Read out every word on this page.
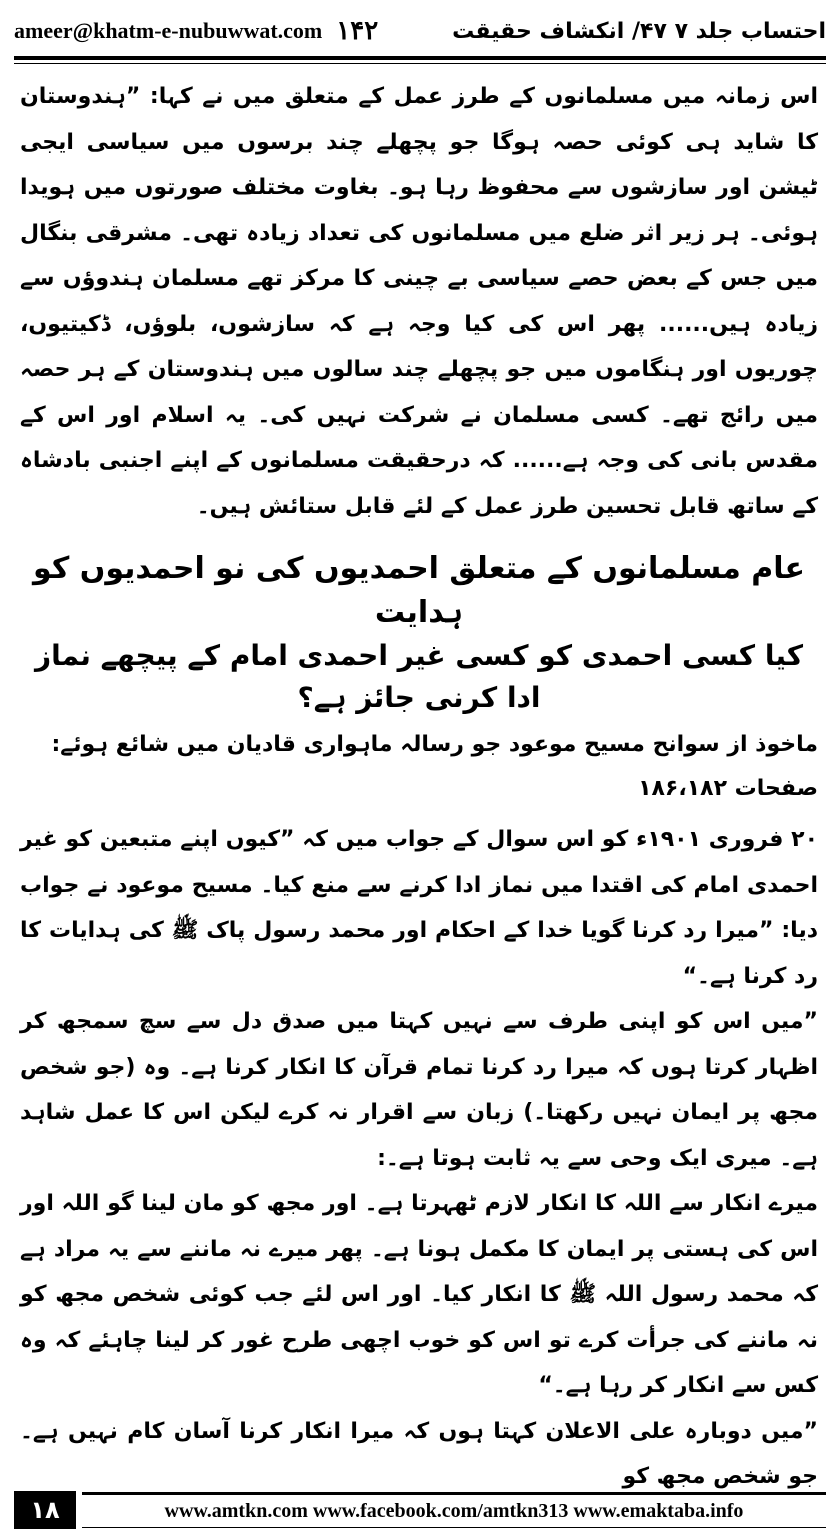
ameer@khatm-e-nubuwwat.com ۱۴۲	احتساب جلد ۷ ۴۷/ انکشاف حقیقت

اس زمانہ میں مسلمانوں کے طرز عمل کے متعلق میں نے کہا: ”ہندوستان کا شاید ہی کوئی حصہ ہوگا جو پچھلے چند برسوں میں سیاسی ایجی ٹیشن اور سازشوں سے محفوظ رہا ہو۔ بغاوت مختلف صورتوں میں ہویدا ہوئی۔ ہر زیر اثر ضلع میں مسلمانوں کی تعداد زیادہ تھی۔ مشرقی بنگال میں جس کے بعض حصے سیاسی بے چینی کا مرکز تھے مسلمان ہندوؤں سے زیادہ ہیں...... پھر اس کی کیا وجہ ہے کہ سازشوں، بلوؤں، ڈکیتیوں، چوریوں اور ہنگاموں میں جو پچھلے چند سالوں میں ہندوستان کے ہر حصہ میں رائج تھے۔ کسی مسلمان نے شرکت نہیں کی۔ یہ اسلام اور اس کے مقدس بانی کی وجہ ہے...... کہ درحقیقت مسلمانوں کے اپنے اجنبی بادشاہ کے ساتھ قابل تحسین طرز عمل کے لئے قابل ستائش ہیں۔

عام مسلمانوں کے متعلق احمدیوں کی نو احمدیوں کو ہدایت
کیا کسی احمدی کو کسی غیر احمدی امام کے پیچھے نماز ادا کرنی جائز ہے؟

ماخوذ از سوانح مسیح موعود جو رسالہ ماہواری قادیان میں شائع ہوئے:

صفحات ۱۸۶،۱۸۲

۲۰ فروری ۱۹۰۱ء کو اس سوال کے جواب میں کہ ”کیوں اپنے متبعین کو غیر احمدی امام کی اقتدا میں نماز ادا کرنے سے منع کیا۔ مسیح موعود نے جواب دیا: ”میرا رد کرنا گویا خدا کے احکام اور محمد رسول پاک ﷺ کی ہدایات کا رد کرنا ہے۔“

”میں اس کو اپنی طرف سے نہیں کہتا میں صدق دل سے سچ سمجھ کر اظہار کرتا ہوں کہ میرا رد کرنا تمام قرآن کا انکار کرنا ہے۔ وہ (جو شخص مجھ پر ایمان نہیں رکھتا۔) زبان سے اقرار نہ کرے لیکن اس کا عمل شاہد ہے۔ میری ایک وحی سے یہ ثابت ہوتا ہے۔:

میرے انکار سے اللہ کا انکار لازم ٹھہرتا ہے۔ اور مجھ کو مان لینا گو اللہ اور اس کی ہستی پر ایمان کا مکمل ہونا ہے۔ پھر میرے نہ ماننے سے یہ مراد ہے کہ محمد رسول اللہ ﷺ کا انکار کیا۔ اور اس لئے جب کوئی شخص مجھ کو نہ ماننے کی جرأت کرے تو اس کو خوب اچھی طرح غور کر لینا چاہئے کہ وہ کس سے انکار کر رہا ہے۔“

”میں دوبارہ علی الاعلان کہتا ہوں کہ میرا انکار کرنا آسان کام نہیں ہے۔ جو شخص مجھ کو

۱۸	www.amtkn.com www.facebook.com/amtkn313 www.emaktaba.info
